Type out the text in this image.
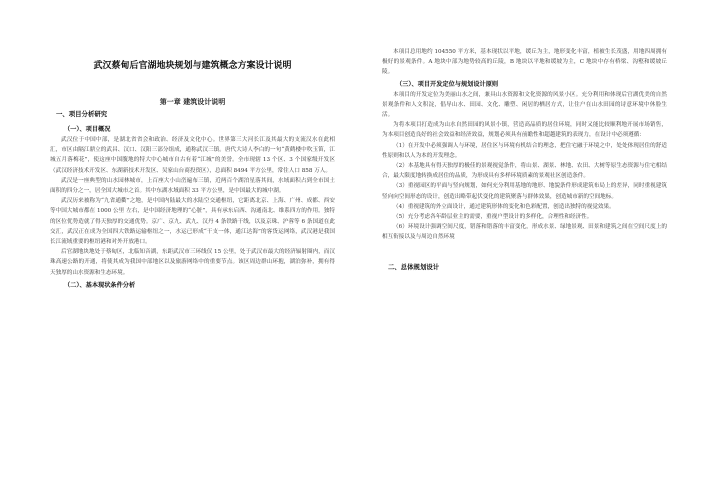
武汉蔡甸后官湖地块规划与建筑概念方案设计说明
第一章 建筑设计说明
一、项目分析研究
（一）、项目概况

武汉位于中国中部，是湖北省省会和政治、经济及文化中心。世界第三大河长江及其最大的支流汉水在此相汇，市区由隔江鼎立的武昌、汉口、汉阳三部分组成，通称武汉三镇。唐代大诗人李白的一句“黄鹤楼中吹玉笛，江城五月落梅花”，使这座中国腹地的特大中心城市自古有着“江城”的美誉。全市现辖 13 个区、3 个国家级开发区（武汉经济技术开发区、东湖新技术开发区、吴家山台商投资区），总面积 8494 平方公里，常住人口 858 万人。

武汉是一座典型的山水园林城市，上百座大小山峦遍布三镇，近两百个湖泊星落其间，水域面积占到全市国土面积的四分之一，居全国大城市之首。其中东湖水域面积 33 平方公里，是中国最大的城中湖。

武汉历来被称为“九省通衢”之地，是中国内陆最大的水陆空交通枢纽，它距离北京、上海、广州、成都、西安等中国大城市都在 1000 公里 左右，是中国经济地理的“心脏”，具有承东启西、沟通南北、维系四方的作用。独特的区位优势造就了得天独厚的交通优势。京广、京九、武九、汉丹 4 条铁路干线，以及京珠、沪蓉等 6 条国道在此交汇，武汉正在成为全国四大铁路运输枢纽之一，水运已形成“干支一体，通江达海”的客货运网络，武汉港是我国长江流域重要的枢纽港和对外开放港口。

后官湖地块地处于蔡甸区，北临知音湖，东距武汉市三环线仅 15 公里，处于武汉市最大的经济辐射圈内，而汉珠高速公路的开通，将使其成为我国中部地区以及旅游网络中的重要节点。该区周边群山环抱，湖泊弥补，拥有得天独厚的山水资源和生态环境。

（二）、基本现状条件分析

本项目总用地约 104550 平方米，基本现状以平地，缓丘为主，地形变化丰富，植被生长茂盛，用地四周拥有极好的景观条件。A 地块中部为地势较高的丘陵，B 地块以平地和缓坡为主，C 地块中存有桥梁、沟壑和缓坡丘陵。

（三）、项目开发定位与规划设计原则

本项目的开发定位为美丽山水之间，兼具山水资源和文化资源的风景小区。充分利用和体现后官湖优美的自然景观条件和人文积淀，倡导山水、田园、文化、雕塑、闲居的栖居方式，让住户在山水田园的诗意环境中休脸生活。

为将本项目打造成为山水自然田园的风景小镇，营造高品质的居住环境，同时又能比较顺利地开展市场销售，为本项目创造良好的社会效益和经济效益，规划必须具有前瞻性和超越建筑的表现力，在设计中必须遵循：

（1）在开发中必须强调人与环境，居住区与环境有机结合的理念，把住宅融于环境之中，处处体现居住的舒适性原则和以人为本的开发理念。

（2）本基地具有得天独厚的极佳的景观视觉条件，将山景、湖景、林地、农田、大树等原生态资源与住宅相结合，最大限度地转换成居住的品质，为形成具有多样环境质素的景观社区创造条件。

（3）重视园区的平面与竖向规划，如何充分利用基地的地形、地貌条件形成建筑布局上的差异，同时重视建筑竖向向空间形态的设计，创造出略带起伏变化的建筑聚落与群体效果，创造城市新的空间地标。

（4）重视建筑的外立面设计，通过建筑形体的变化和色彩配置，创造出独特的视觉效果。

（5）充分考虑各年龄层业主的需要，重视户型设计的多样化，合理性和经济性。

（6）环境设计强调空间尺度，错落和错落的丰富变化，形成水景、绿地景观、田景和建筑之间在空间尺度上的相互衔接以及与周边自然环境

二、总体规划设计
